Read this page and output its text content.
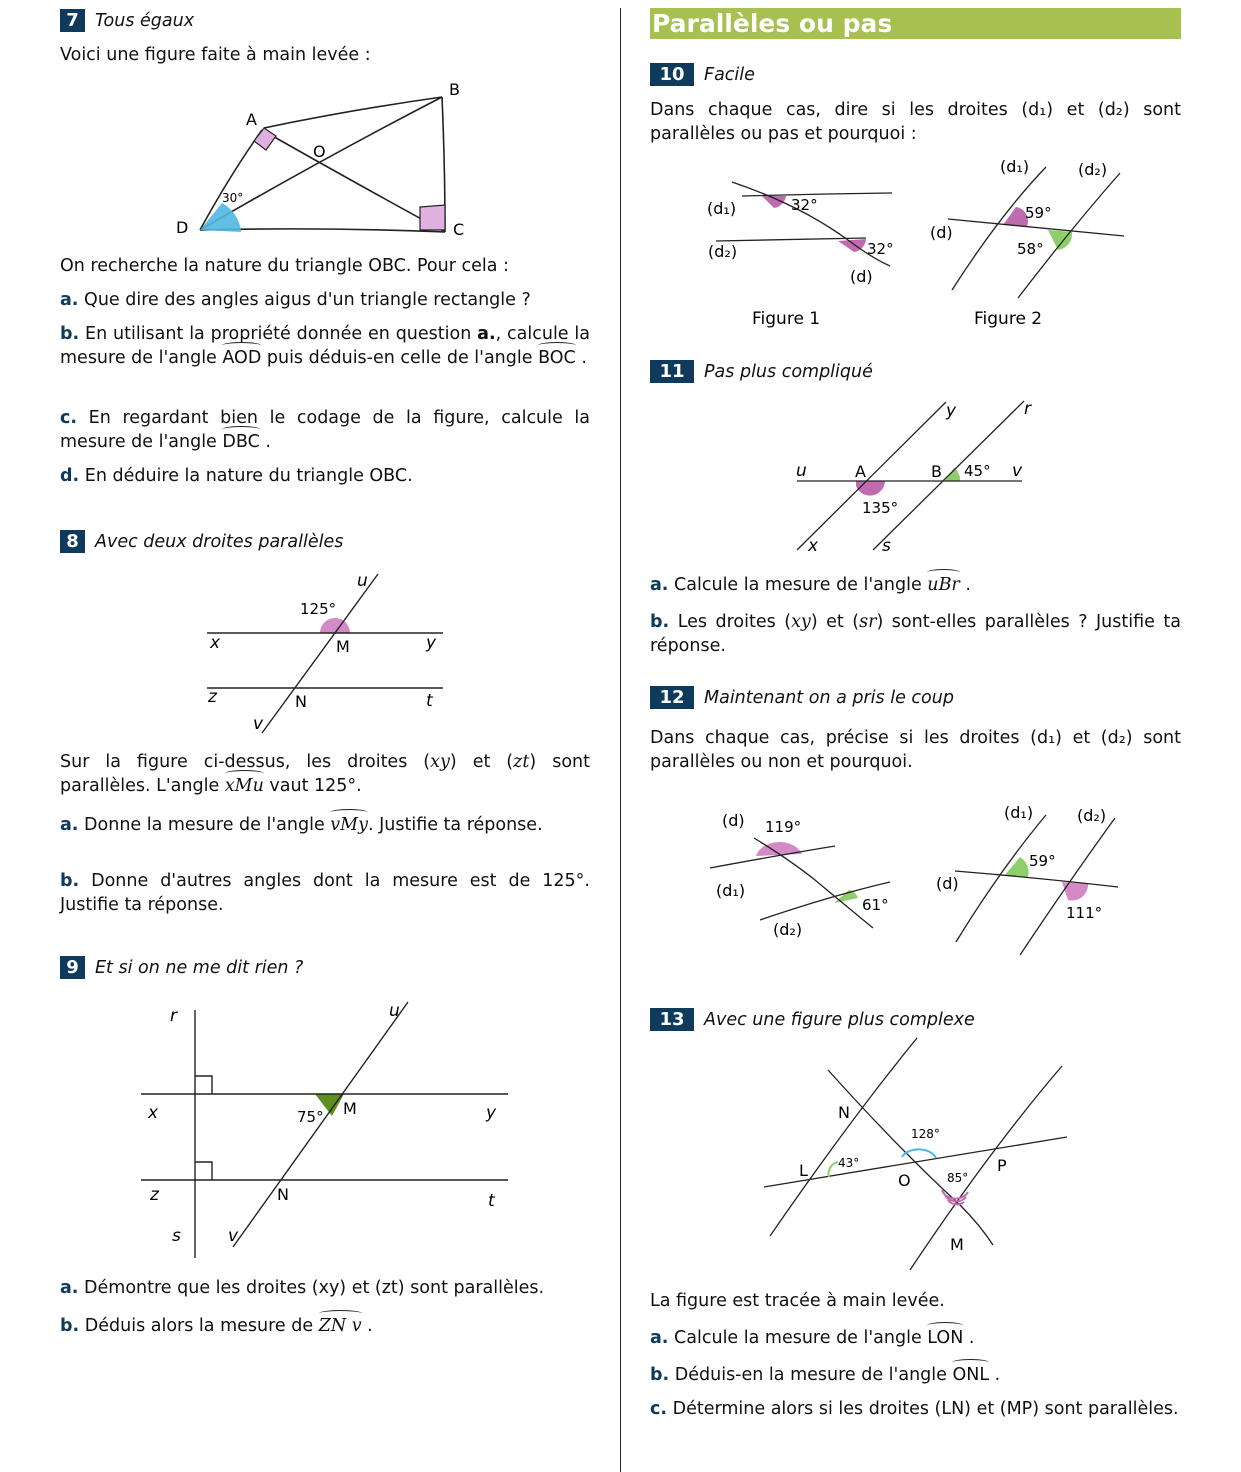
7 Tous égaux
Voici une figure faite à main levée :
A
B
O
D	C
30°
On recherche la nature du triangle OBC. Pour cela :
a. Que dire des angles aigus d'un triangle rectangle ?
b. En utilisant la propriété donnée en question a., calcule la mesure de l'angle AOD puis déduis-en celle de l'angle BOC .
c. En regardant bien le codage de la figure, calcule la mesure de l'angle DBC .
d. En déduire la nature du triangle OBC.
8 Avec deux droites parallèles
u
125°
x	M	y
z	N	t
v
Sur la figure ci-dessus, les droites (xy) et (zt) sont parallèles. L'angle xMu vaut 125°.
a. Donne la mesure de l'angle vMy. Justifie ta réponse.
b. Donne d'autres angles dont la mesure est de 125°. Justifie ta réponse.
9 Et si on ne me dit rien ?
r	u
x	75° M	y
z	N	t
s	v
a. Démontre que les droites (xy) et (zt) sont parallèles.
b. Déduis alors la mesure de ZN v .
Parallèles ou pas
10	Facile
Dans chaque cas, dire si les droites (d₁) et (d₂) sont parallèles ou pas et pourquoi :
(d₁)	32°
(d₂)	32°
(d)
Figure 1
(d₁)	(d₂)
(d)
59°
58°
Figure 2
11	Pas plus compliqué
y	r
u	A	B 45° v
135°
x	s
a. Calcule la mesure de l'angle uBr .
b. Les droites (xy) et (sr) sont-elles parallèles ? Justifie ta réponse.
12	Maintenant on a pris le coup
Dans chaque cas, précise si les droites (d₁) et (d₂) sont parallèles ou non et pourquoi.
(d) 119°
(d₁)
61°
(d₂)
(d₁)	(d₂)
59°
(d)
111°
13	Avec une figure plus complexe
N
128°
43°
L
O	85°
P
M
La figure est tracée à main levée.
a. Calcule la mesure de l'angle LON .
b. Déduis-en la mesure de l'angle ONL .
c. Détermine alors si les droites (LN) et (MP) sont parallèles.
